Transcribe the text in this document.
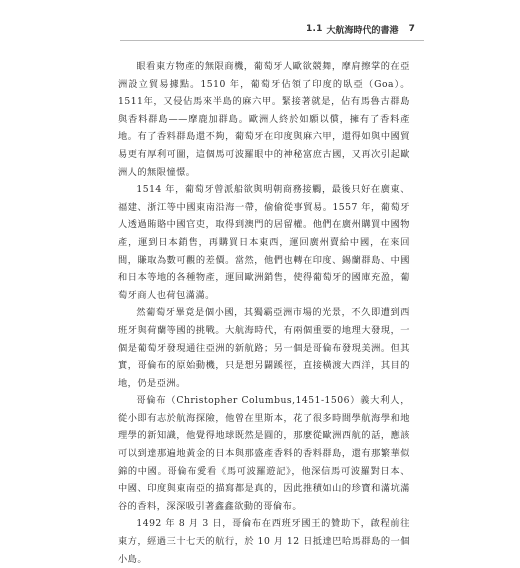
1.1 大航海時代的書港 7

眼看東方物產的無限商機，葡萄牙人歐欲競舞，摩肩擦掌的在亞洲設立貿易據點。1510 年，葡萄牙佔領了印度的臥亞（Goa）。1511年，又侵佔馬來半島的麻六甲。緊接著就是，佔有馬魯古群島與香料群島——摩鹿加群島。歐洲人終於如願以償，擁有了香料產地。有了香料群島還不夠，葡萄牙在印度與麻六甲，還得如與中國貿易更有厚利可圖，這個馬可波羅眼中的神秘富庶古國，又再次引起歐洲人的無限憧憬。

1514 年，葡萄牙曾派船欲與明朝商務接觸，最後只好在廣東、福建、浙江等中國東南沿海一帶，偷偷從事貿易。1557 年，葡萄牙人透過賄賂中國官吏，取得到澳門的居留權。他們在廣州購買中國物產，運到日本銷售，再購買日本東西，運回廣州賣給中國，在來回間，賺取為數可觀的差價。當然，他們也轉在印度、錫蘭群島、中國和日本等地的各種物產，運回歐洲銷售，使得葡萄牙的國庫充盈，葡萄牙商人也荷包滿滿。

然葡萄牙畢竟是個小國，其獨霸亞洲市場的光景，不久即遭到西班牙與荷蘭等國的挑戰。大航海時代，有兩個重要的地理大發現，一個是葡萄牙發現通往亞洲的新航路；另一個是哥倫布發現美洲。但其實，哥倫布的原始動機，只是想另闢蹊徑，直接橫渡大西洋，其目的地，仍是亞洲。

哥倫布（Christopher Columbus,1451-1506）義大利人，從小即有志於航海探險，他曾在里斯本，花了很多時間學航海學和地理學的新知識，他覺得地球既然是圓的，那麼從歐洲西航的話，應該可以到達那遍地黃金的日本與那盛產香料的香料群島，還有那繁華似錦的中國。哥倫布愛看《馬可波羅遊記》，他深信馬可波羅對日本、中國、印度與東南亞的描寫都是真的，因此推積如山的珍寶和滿坑滿谷的香料，深深吸引著鑫鑫欲動的哥倫布。

1492 年 8 月 3 日，哥倫布在西班牙國王的贊助下，啟程前往東方，經過三十七天的航行，於 10 月 12 日抵達巴哈馬群島的一個小島。
